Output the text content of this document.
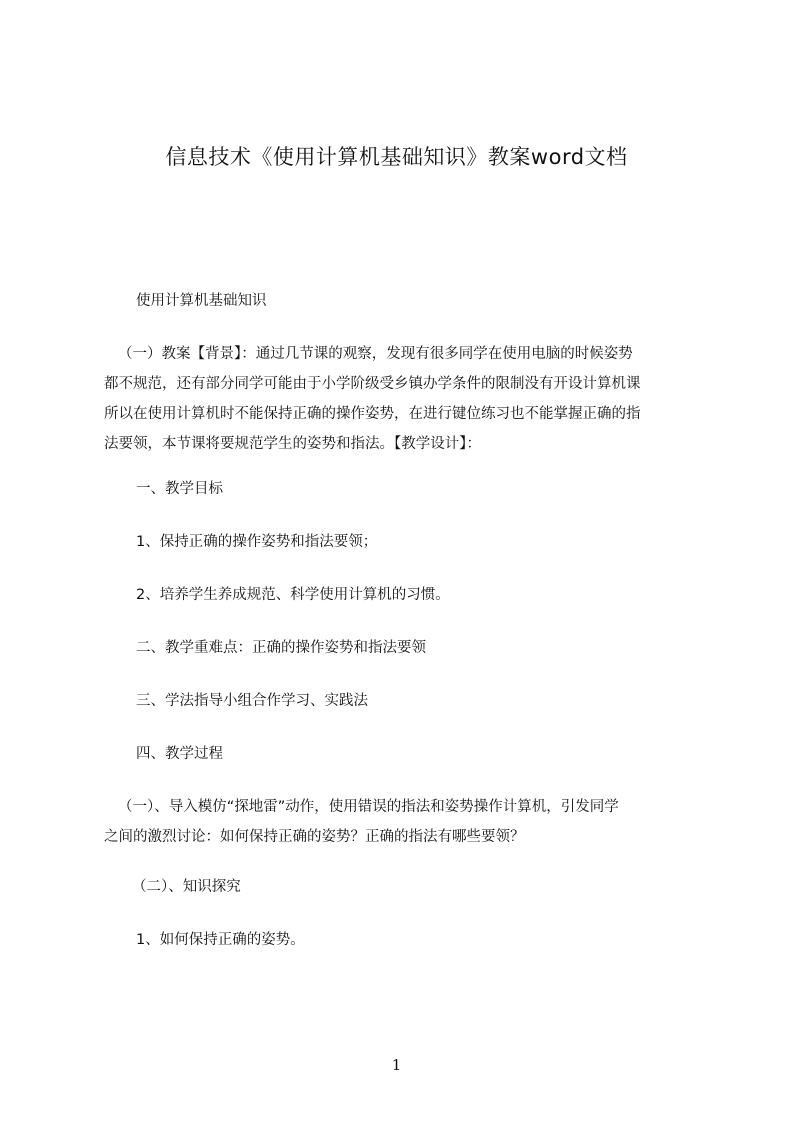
信息技术《使用计算机基础知识》教案word文档
使用计算机基础知识
（一）教案【背景】：通过几节课的观察，发现有很多同学在使用电脑的时候姿势
都不规范，还有部分同学可能由于小学阶级受乡镇办学条件的限制没有开设计算机课
所以在使用计算机时不能保持正确的操作姿势，在进行键位练习也不能掌握正确的指
法要领，本节课将要规范学生的姿势和指法。【教学设计】：
一、教学目标
1、保持正确的操作姿势和指法要领；
2、培养学生养成规范、科学使用计算机的习惯。
二、教学重难点：正确的操作姿势和指法要领
三、学法指导小组合作学习、实践法
四、教学过程
（一）、导入模仿“探地雷”动作，使用错误的指法和姿势操作计算机，引发同学
之间的激烈讨论：如何保持正确的姿势？正确的指法有哪些要领？
（二）、知识探究
1、如何保持正确的姿势。
1
